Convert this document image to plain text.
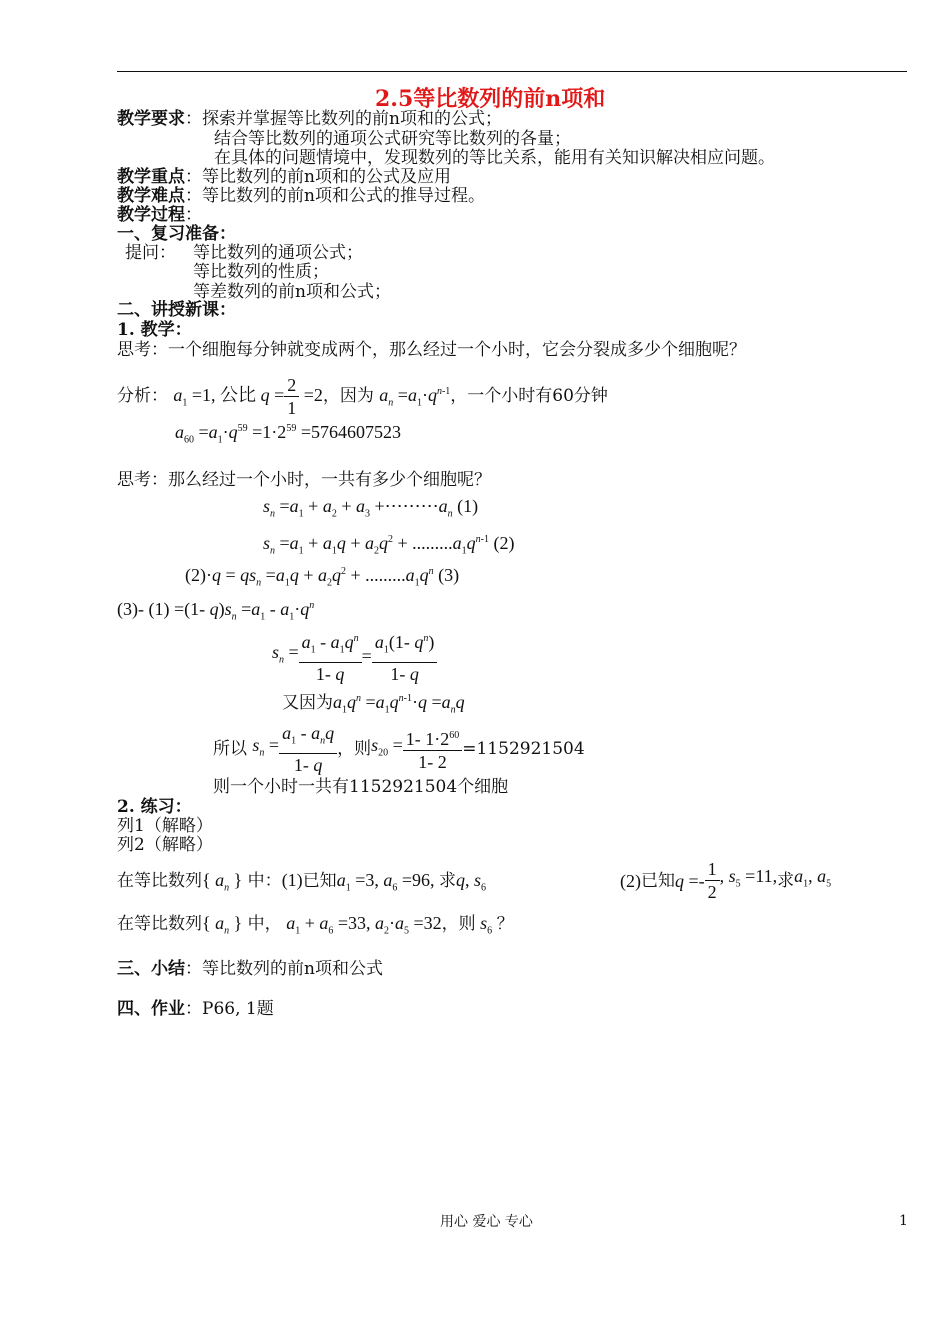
2.5等比数列的前n项和
教学要求：探索并掌握等比数列的前n项和的公式；
结合等比数列的通项公式研究等比数列的各量；
在具体的问题情境中，发现数列的等比关系，能用有关知识解决相应问题。
教学重点：等比数列的前n项和的公式及应用
教学难点：等比数列的前n项和公式的推导过程。
教学过程：
一、复习准备：
提问： 等比数列的通项公式；
等比数列的性质；
等差数列的前n项和公式；
二、讲授新课：
1. 教学：
思考：一个细胞每分钟就变成两个，那么经过一个小时，它会分裂成多少个细胞呢？
分析： $a_1 =1$, 公比 $q = \frac{2}{1} =2$，因为 $a_n =a_1\cdot q^{n-1}$，一个小时有60分钟
$a_{60} =a_1\cdot q^{59} =1\cdot 2^{59} =5764607523$
思考：那么经过一个小时，一共有多少个细胞呢？
$s_n =a_1 + a_2 + a_3$ $+\cdots\cdots\cdots a_n$ (1)
$s_n =a_1 + a_1q + a_2q^2 + .........a_1q^{n-1}$ (2)
$(2)\cdot q = qs_n =a_1q + a_2q^2 + .........a_1q^n$ (3)
(3)- (1) =(1- $q)s_n =a_1 - a_1\cdot q^n$
$s_n = \frac{a_1 - a_1q^n}{1- q} = \frac{a_1(1- q^n)}{1- q}$
又因为$a_1q^n =a_1q^{n-1}\cdot q =a_nq$
所以 $s_n = \frac{a_1 - a_nq}{1- q}$ ，则$s_{20} = \frac{1- 1\cdot 2^{60}}{1- 2} =1152921504$
则一个小时一共有1152921504个细胞
2. 练习：
列1（解略）
列2（解略）
在等比数列{ $a_n$ } 中：(1)已知$a_1 =3$, $a_6 =96$, 求q, $s_6$	(2)已知$q =- \frac{1}{2}$ , $s_5 =11$,求$a_1$, $a_5$
在等比数列{ $a_n$ } 中， $a_1 + a_6 =33$, $a_2\cdot a_5 =32$，则 $s_6$ ？
三、小结：等比数列的前n项和公式
四、作业：P66, 1题
用心 爱心 专心	1
